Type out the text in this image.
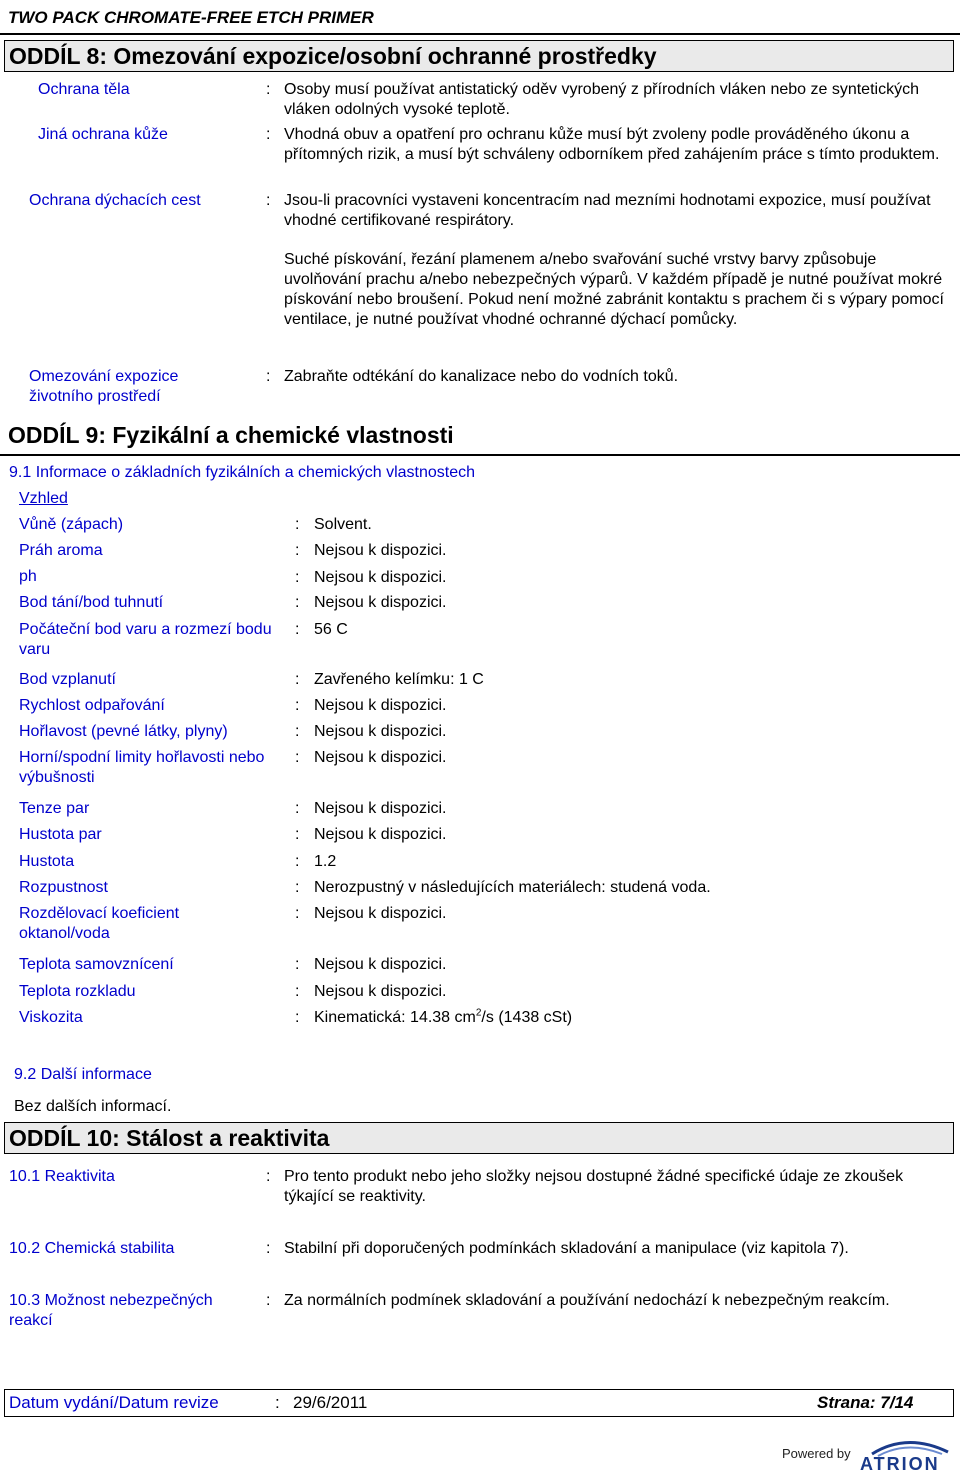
TWO PACK CHROMATE-FREE ETCH PRIMER
ODDÍL 8: Omezování expozice/osobní ochranné prostředky
Ochrana těla	: Osoby musí používat antistatický oděv vyrobený z přírodních vláken nebo ze syntetických vláken odolných vysoké teplotě.
Jiná ochrana kůže	: Vhodná obuv a opatření pro ochranu kůže musí být zvoleny podle prováděného úkonu a přítomných rizik, a musí být schváleny odborníkem před zahájením práce s tímto produktem.
Ochrana dýchacích cest	: Jsou-li pracovníci vystaveni koncentracím nad mezními hodnotami expozice, musí používat vhodné certifikované respirátory.
Suché pískování, řezání plamenem a/nebo svařování suché vrstvy barvy způsobuje uvolňování prachu a/nebo nebezpečných výparů. V každém případě je nutné používat mokré pískování nebo broušení. Pokud není možné zabránit kontaktu s prachem či s výpary pomocí ventilace, je nutné používat vhodné ochranné dýchací pomůcky.
Omezování expozice životního prostředí
: Zabraňte odtékání do kanalizace nebo do vodních toků.
ODDÍL 9: Fyzikální a chemické vlastnosti
9.1 Informace o základních fyzikálních a chemických vlastnostech
Vzhled
Vůně (zápach)	: Solvent.
Práh aroma	: Nejsou k dispozici.
ph	: Nejsou k dispozici.
Bod tání/bod tuhnutí	: Nejsou k dispozici.
Počáteční bod varu a rozmezí bodu varu
: 56 C
Bod vzplanutí	: Zavřeného kelímku: 1 C
Rychlost odpařování	: Nejsou k dispozici.
Hořlavost (pevné látky, plyny)	: Nejsou k dispozici.
Horní/spodní limity hořlavosti nebo výbušnosti
: Nejsou k dispozici.
Tenze par	: Nejsou k dispozici.
Hustota par	: Nejsou k dispozici.
Hustota	: 1.2
Rozpustnost	: Nerozpustný v následujících materiálech: studená voda.
Rozdělovací koeficient oktanol/voda
: Nejsou k dispozici.
Teplota samovznícení	: Nejsou k dispozici.
Teplota rozkladu	: Nejsou k dispozici.
Viskozita	: Kinematická: 14.38 $cm^2/s$ (1438 cSt)
9.2 Další informace
Bez dalších informací.
ODDÍL 10: Stálost a reaktivita
10.1 Reaktivita	: Pro tento produkt nebo jeho složky nejsou dostupné žádné specifické údaje ze zkoušek týkající se reaktivity.
10.2 Chemická stabilita	: Stabilní při doporučených podmínkách skladování a manipulace (viz kapitola 7).
10.3 Možnost nebezpečných reakcí
: Za normálních podmínek skladování a používání nedochází k nebezpečným reakcím.
Datum vydání/Datum revize	: 29/6/2011	Strana: 7/14
Powered by
ATRION
